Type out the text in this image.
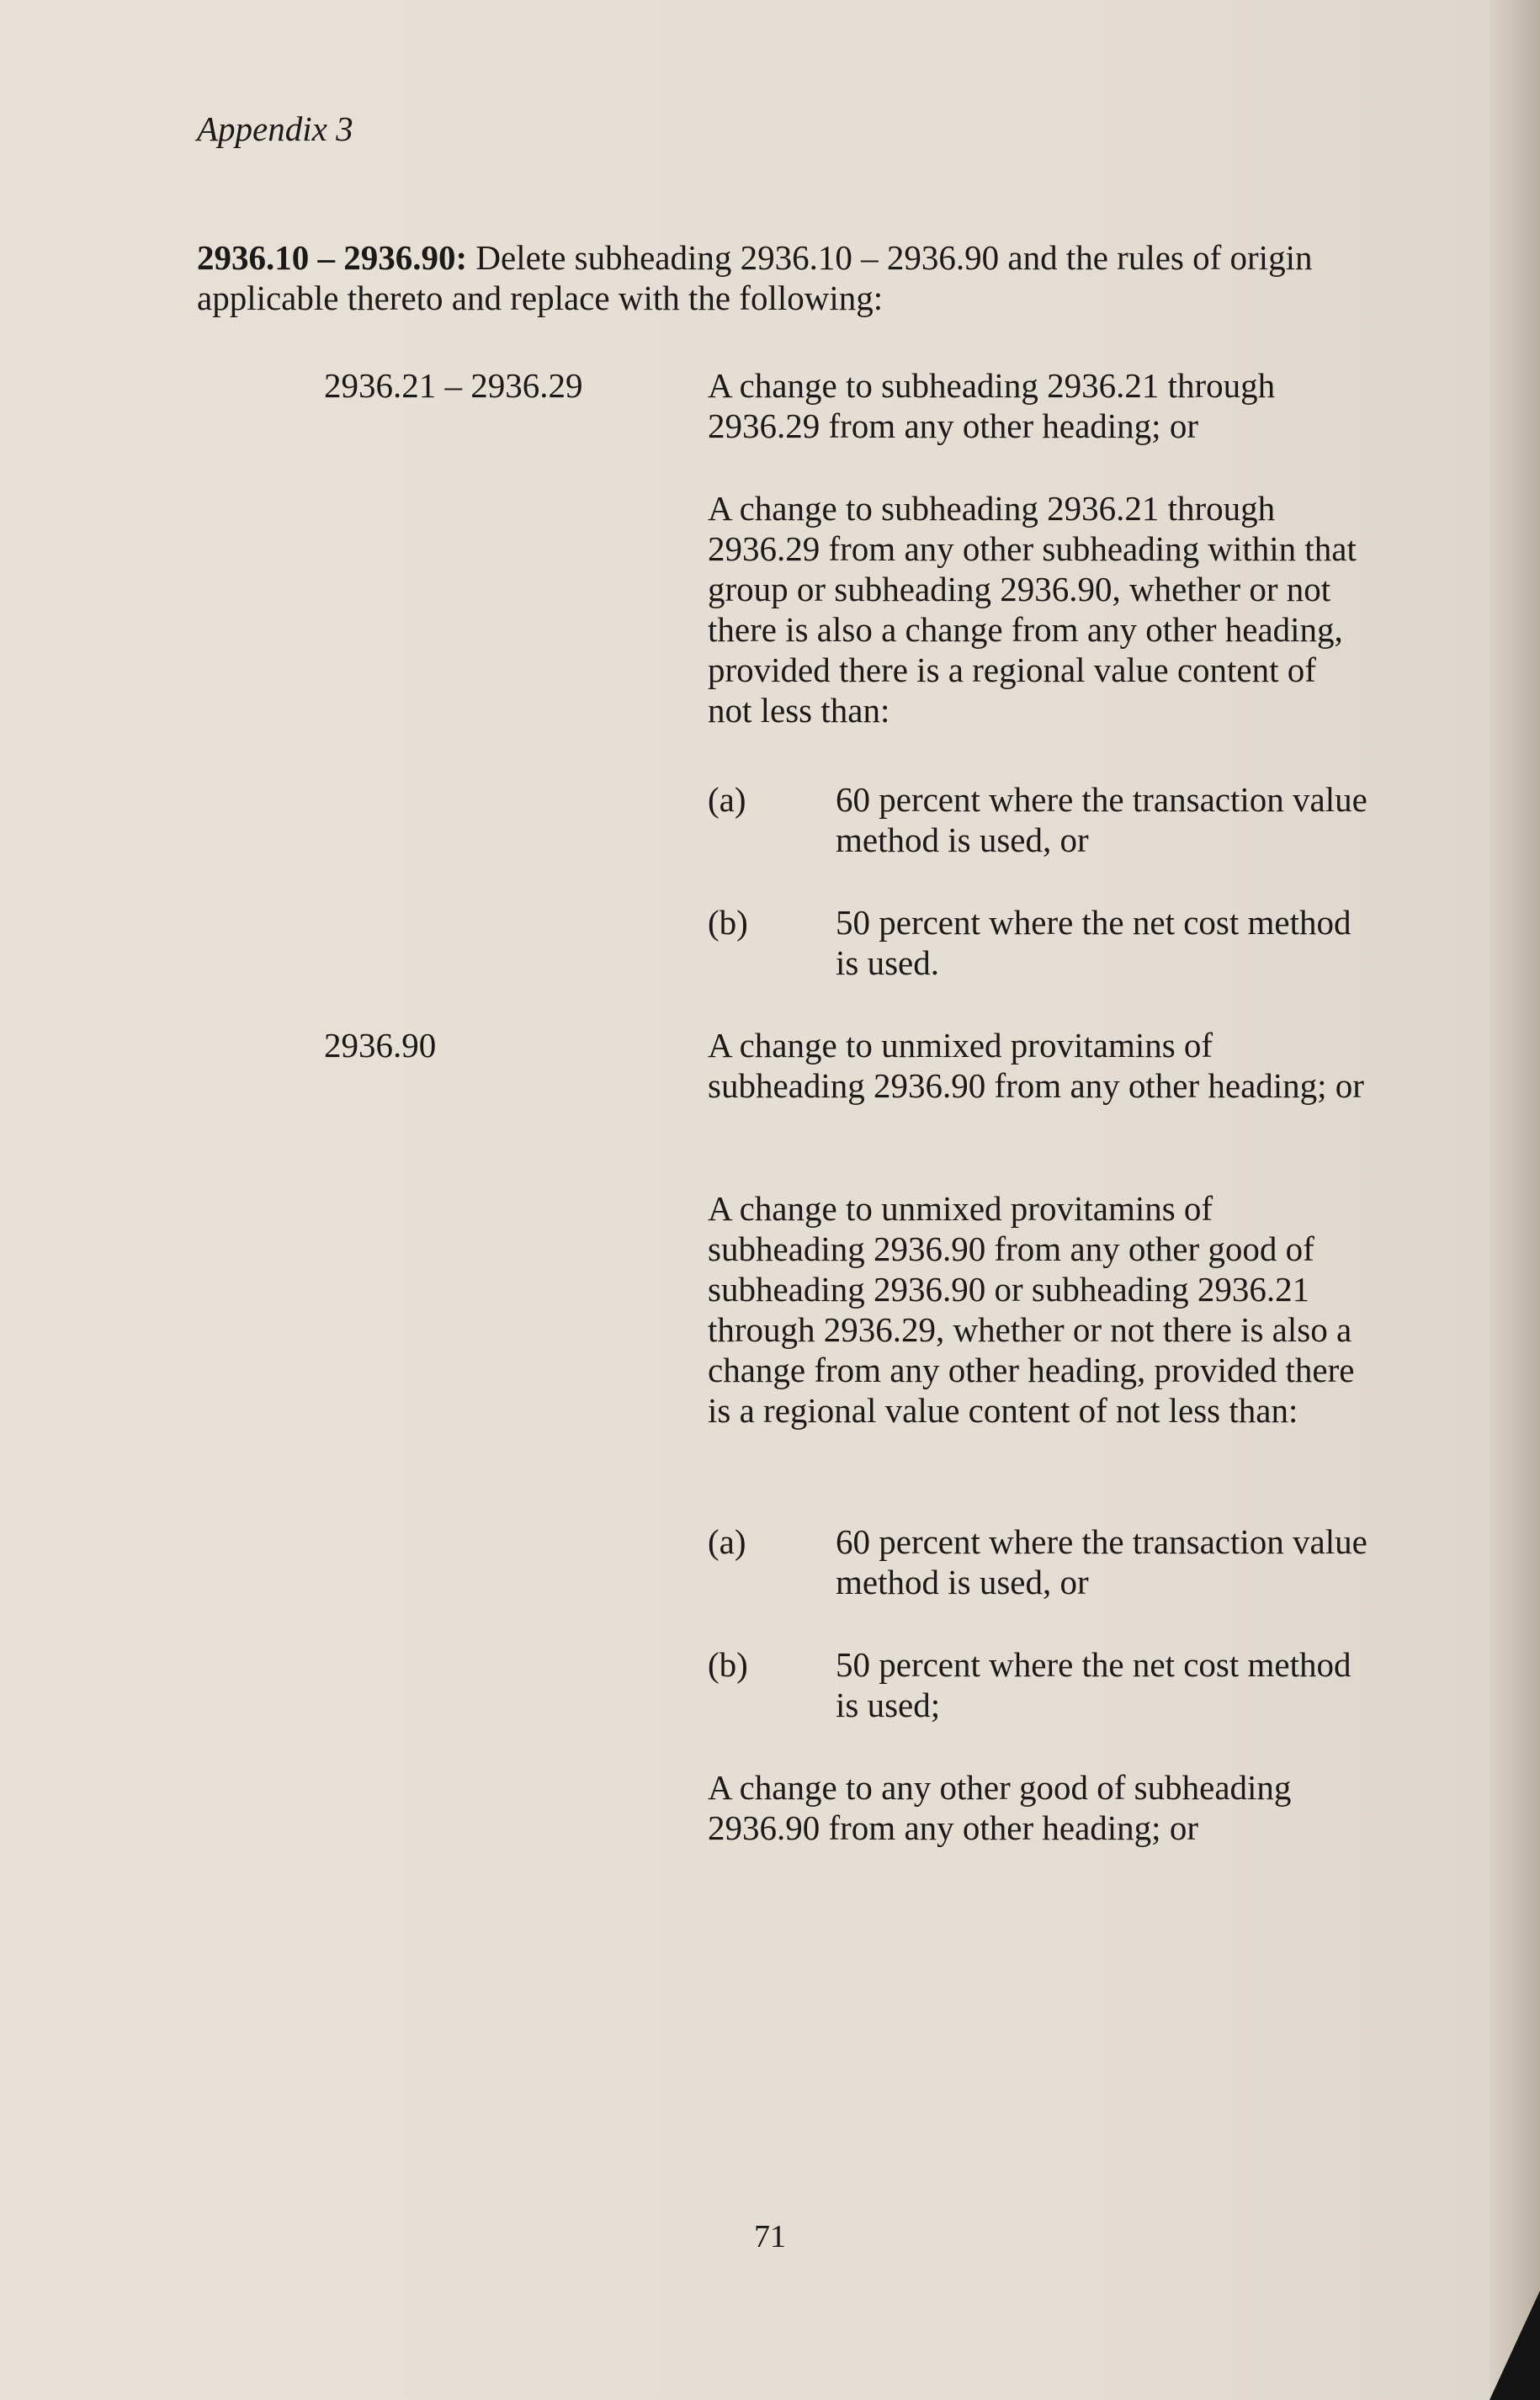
Appendix 3
2936.10 – 2936.90: Delete subheading 2936.10 – 2936.90 and the rules of origin applicable thereto and replace with the following:
2936.21 – 2936.29	A change to subheading 2936.21 through 2936.29 from any other heading; or
A change to subheading 2936.21 through 2936.29 from any other subheading within that group or subheading 2936.90, whether or not there is also a change from any other heading, provided there is a regional value content of not less than:
(a)	60 percent where the transaction value method is used, or
(b)	50 percent where the net cost method is used.
2936.90	A change to unmixed provitamins of subheading 2936.90 from any other heading; or
A change to unmixed provitamins of subheading 2936.90 from any other good of subheading 2936.90 or subheading 2936.21 through 2936.29, whether or not there is also a change from any other heading, provided there is a regional value content of not less than:
(a)	60 percent where the transaction value method is used, or
(b)	50 percent where the net cost method is used;
A change to any other good of subheading 2936.90 from any other heading; or
71
